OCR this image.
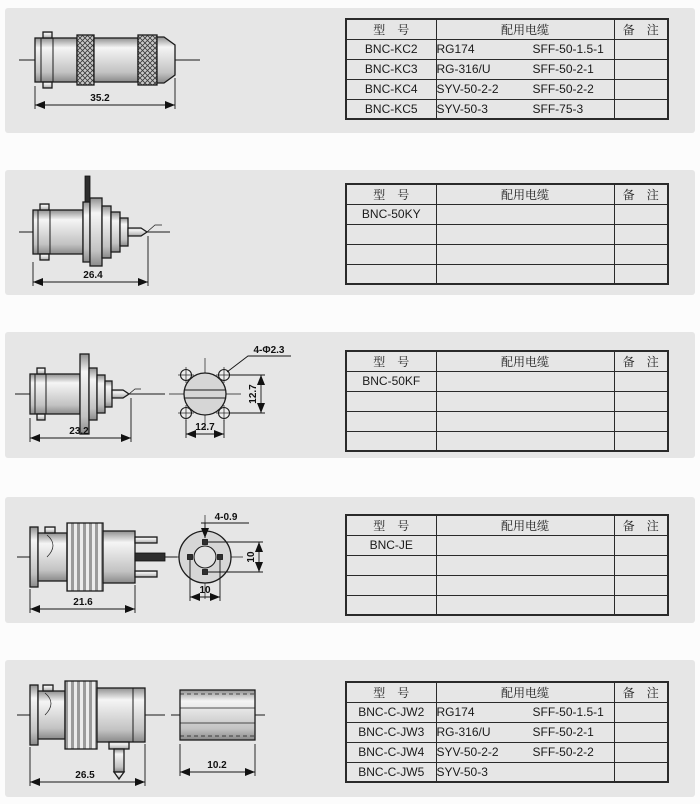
35.2
型　号	配用电缆	备　注
BNC-KC2	RG174 SFF-50-1.5-1	
BNC-KC3	RG-316/U SFF-50-2-1	
BNC-KC4	SYV-50-2-2 SFF-50-2-2	
BNC-KC5	SYV-50-3 SFF-75-3	
26.4
型　号	配用电缆	备　注
BNC-50KY		

23.2
4-Φ2.3
12.7
12.7
型　号	配用电缆	备　注
BNC-50KF		

21.6
4-0.9
10
10
型　号	配用电缆	备　注
BNC-JE		

26.5
10.2
型　号	配用电缆	备　注
BNC-C-JW2	RG174 SFF-50-1.5-1	
BNC-C-JW3	RG-316/U SFF-50-2-1	
BNC-C-JW4	SYV-50-2-2 SFF-50-2-2	
BNC-C-JW5	SYV-50-3	
